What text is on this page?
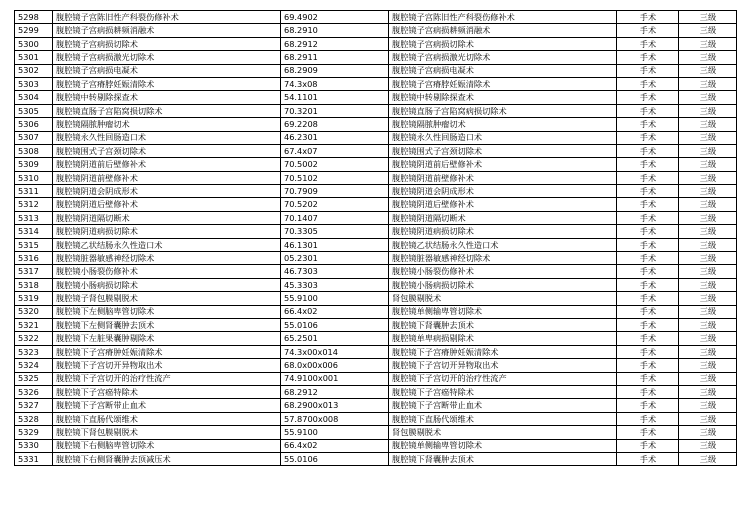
5298	腹腔镜子宫陈旧性产科裂伤修补术	69.4902	腹腔镜子宫陈旧性产科裂伤修补术	手术	三级
5299	腹腔镜子宫病损耕频消融术	68.2910	腹腔镜子宫病损耕频消融术	手术	三级
5300	腹腔镜子宫病损切除术	68.2912	腹腔镜子宫病损切除术	手术	三级
5301	腹腔镜子宫病损激光切除术	68.2911	腹腔镜子宫病损激光切除术	手术	三级
5302	腹腔镜子宫病损电凝术	68.2909	腹腔镜子宫病损电凝术	手术	三级
5303	腹腔镜子宫瘠脖妊娠清除术	74.3x08	腹腔镜子宫瘠脖妊娠清除术	手术	三级
5304	腹腔镜中转剔除探查术	54.1101	腹腔镜中转剔除探查术	手术	三级
5305	腹腔镜直肠子宫陷窝损切除术	70.3201	腹腔镜直肠子宫陷窝病损切除术	手术	三级
5306	腹腔镜隔脓肿瘤切术	69.2208	腹腔镜隔脓肿瘤切术	手术	三级
5307	腹腔镜永久性回肠造口术	46.2301	腹腔镜永久性回肠造口术	手术	三级
5308	腹腔镜围式子宫颈切除术	67.4x07	腹腔镜围式子宫颈切除术	手术	三级
5309	腹腔镜阴道前后壁修补术	70.5002	腹腔镜阴道前后壁修补术	手术	三级
5310	腹腔镜阴道前壁修补术	70.5102	腹腔镜阴道前壁修补术	手术	三级
5311	腹腔镜阴道会阴成形术	70.7909	腹腔镜阴道会阴成形术	手术	三级
5312	腹腔镜阴道后壁修补术	70.5202	腹腔镜阴道后壁修补术	手术	三级
5313	腹腔镜阴道隔切断术	70.1407	腹腔镜阴道隔切断术	手术	三级
5314	腹腔镜阴道病损切除术	70.3305	腹腔镜阴道病损切除术	手术	三级
5315	腹腔镜乙状结肠永久性造口术	46.1301	腹腔镜乙状结肠永久性造口术	手术	三级
5316	腹腔镜脏器敏感神经切除术	05.2301	腹腔镜脏器敏感神经切除术	手术	三级
5317	腹腔镜小肠裂伤修补术	46.7303	腹腔镜小肠裂伤修补术	手术	三级
5318	腹腔镜小肠病损切除术	45.3303	腹腔镜小肠病损切除术	手术	三级
5319	腹腔镜子肾包膜剔脱术	55.9100	肾包膜剔脱术	手术	三级
5320	腹腔镜下左侧脑卑管切除术	66.4x02	腹腔镜单侧输卑管切除术	手术	三级
5321	腹腔镜下左侧肾囊肿去顶术	55.0106	腹腔镜下肾囊肿去顶术	手术	三级
5322	腹腔镜下左脏果囊肿剔除术	65.2501	腹腔镜单卑病损剔除术	手术	三级
5323	腹腔镜下子宫瘠肿妊娠清除术	74.3x00x014	腹腔镜下子宫瘠肿妊娠清除术	手术	三级
5324	腹腔镜下子宫切开异物取出术	68.0x00x006	腹腔镜下子宫切开异物取出术	手术	三级
5325	腹腔镜下子宫切开的治疗性流产	74.9100x001	腹腔镜下子宫切开的治疗性流产	手术	三级
5326	腹腔镜下子宫癌特除术	68.2912	腹腔镜下子宫癌特除术	手术	三级
5327	腹腔镜下子宫断带止血术	68.2900x013	腹腔镜下子宫断带止血术	手术	三级
5328	腹腔镜下直肠代颂维术	57.8700x008	腹腔镜下直肠代颂维术	手术	三级
5329	腹腔镜下肾包膜剔脱术	55.9100	肾包膜剔脱术	手术	三级
5330	腹腔镜下右侧脑卑管切除术	66.4x02	腹腔镜单侧输卑管切除术	手术	三级
5331	腹腔镜下右侧肾囊肿去顶减压术	55.0106	腹腔镜下肾囊肿去顶术	手术	三级
